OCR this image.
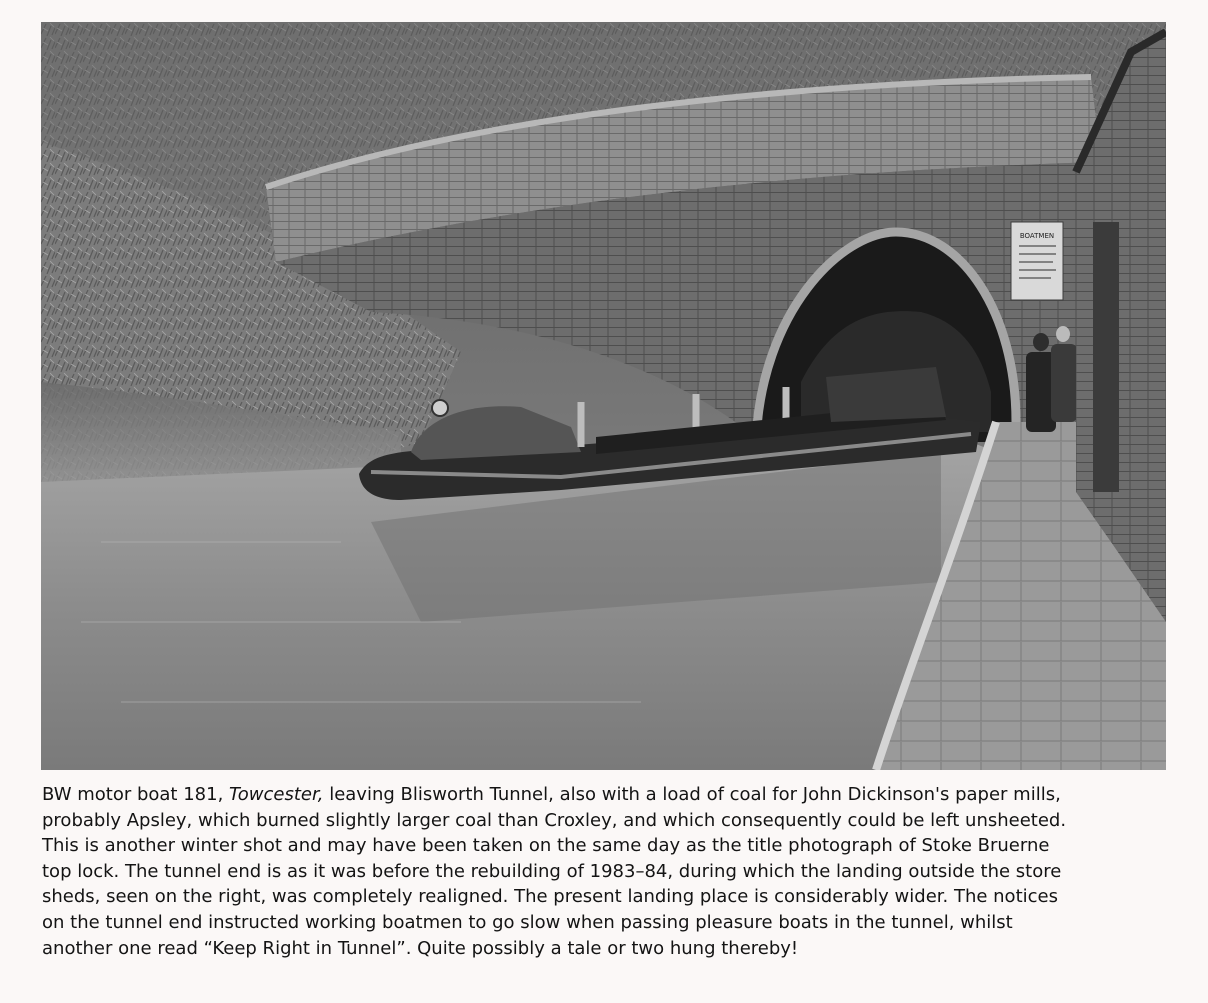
BOATMEN

BW motor boat 181, Towcester, leaving Blisworth Tunnel, also with a load of coal for John Dickinson's paper mills,
probably Apsley, which burned slightly larger coal than Croxley, and which consequently could be left unsheeted.
This is another winter shot and may have been taken on the same day as the title photograph of Stoke Bruerne
top lock. The tunnel end is as it was before the rebuilding of 1983–84, during which the landing outside the store
sheds, seen on the right, was completely realigned. The present landing place is considerably wider. The notices
on the tunnel end instructed working boatmen to go slow when passing pleasure boats in the tunnel, whilst
another one read “Keep Right in Tunnel”. Quite possibly a tale or two hung thereby!
